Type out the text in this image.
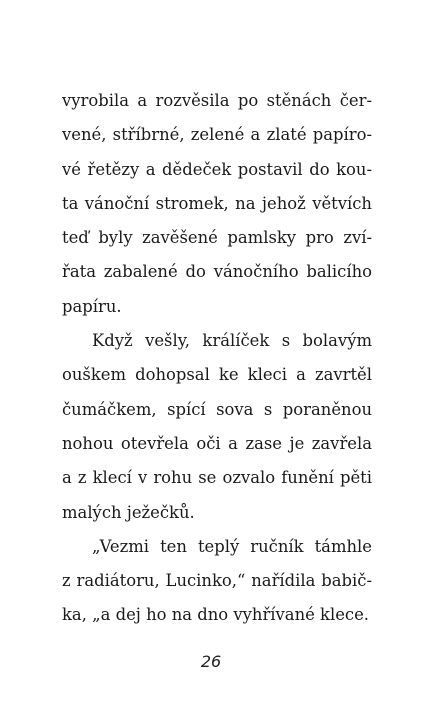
vyrobila a rozvěsila po stěnách čer-
vené, stříbrné, zelené a zlaté papíro-
vé řetězy a dědeček postavil do kou-
ta vánoční stromek, na jehož větvích
teď byly zavěšené pamlsky pro zví-
řata zabalené do vánočního balicího
papíru.
Když vešly, králíček s bolavým
ouškem dohopsal ke kleci a zavrtěl
čumáčkem, spící sova s poraněnou
nohou otevřela oči a zase je zavřela
a z klecí v rohu se ozvalo funění pěti
malých ježečků.
„Vezmi ten teplý ručník támhle
z radiátoru, Lucinko,“ nařídila babič-
ka, „a dej ho na dno vyhřívané klece.
26
